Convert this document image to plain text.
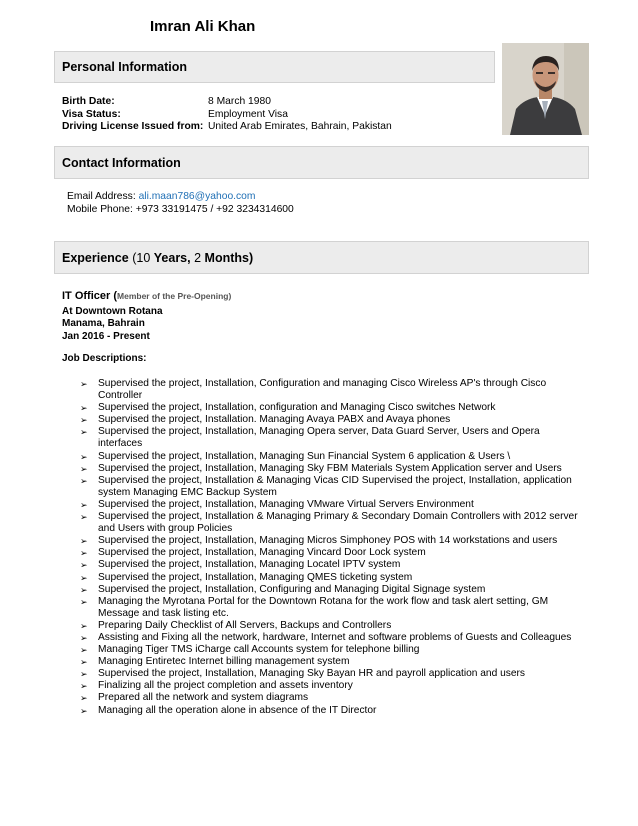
Imran Ali Khan
Personal Information
Birth Date:	8 March 1980
Visa Status:	Employment Visa
Driving License Issued from: United Arab Emirates, Bahrain, Pakistan
Contact Information
Email Address: ali.maan786@yahoo.com
Mobile Phone: +973 33191475 / +92 3234314600
Experience
(10
Years,
2
Months)
IT Officer (Member of the Pre-Opening)
At Downtown Rotana
Manama, Bahrain
Jan 2016 - Present
Job Descriptions:
➢	Supervised the project, Installation, Configuration and managing Cisco Wireless AP's through Cisco Controller
➢	Supervised the project, Installation, configuration and Managing Cisco switches Network
➢	Supervised the project, Installation. Managing Avaya PABX and Avaya phones
➢	Supervised the project, Installation, Managing Opera server, Data Guard Server, Users and Opera interfaces
➢	Supervised the project, Installation, Managing Sun Financial System 6 application & Users \
➢	Supervised the project, Installation, Managing Sky FBM Materials System Application server and Users
➢	Supervised the project, Installation & Managing Vicas CID Supervised the project, Installation, application system Managing EMC Backup System
➢	Supervised the project, Installation, Managing VMware Virtual Servers Environment
➢	Supervised the project, Installation & Managing Primary & Secondary Domain Controllers with 2012 server and Users with group Policies
➢	Supervised the project, Installation, Managing Micros Simphoney POS with 14 workstations and users
➢	Supervised the project, Installation, Managing Vincard Door Lock system
➢	Supervised the project, Installation, Managing Locatel IPTV system
➢	Supervised the project, Installation, Managing QMES ticketing system
➢	Supervised the project, Installation, Configuring and Managing Digital Signage system
➢	Managing the Myrotana Portal for the Downtown Rotana for the work flow and task alert setting, GM Message and task listing etc.
➢	Preparing Daily Checklist of All Servers, Backups and Controllers
➢	Assisting and Fixing all the network, hardware, Internet and software problems of Guests and Colleagues
➢	Managing Tiger TMS iCharge call Accounts system for telephone billing
➢	Managing Entiretec Internet billing management system
➢	Supervised the project, Installation, Managing Sky Bayan HR and payroll application and users
➢	Finalizing all the project completion and assets inventory
➢	Prepared all the network and system diagrams
➢	Managing all the operation alone in absence of the IT Director
